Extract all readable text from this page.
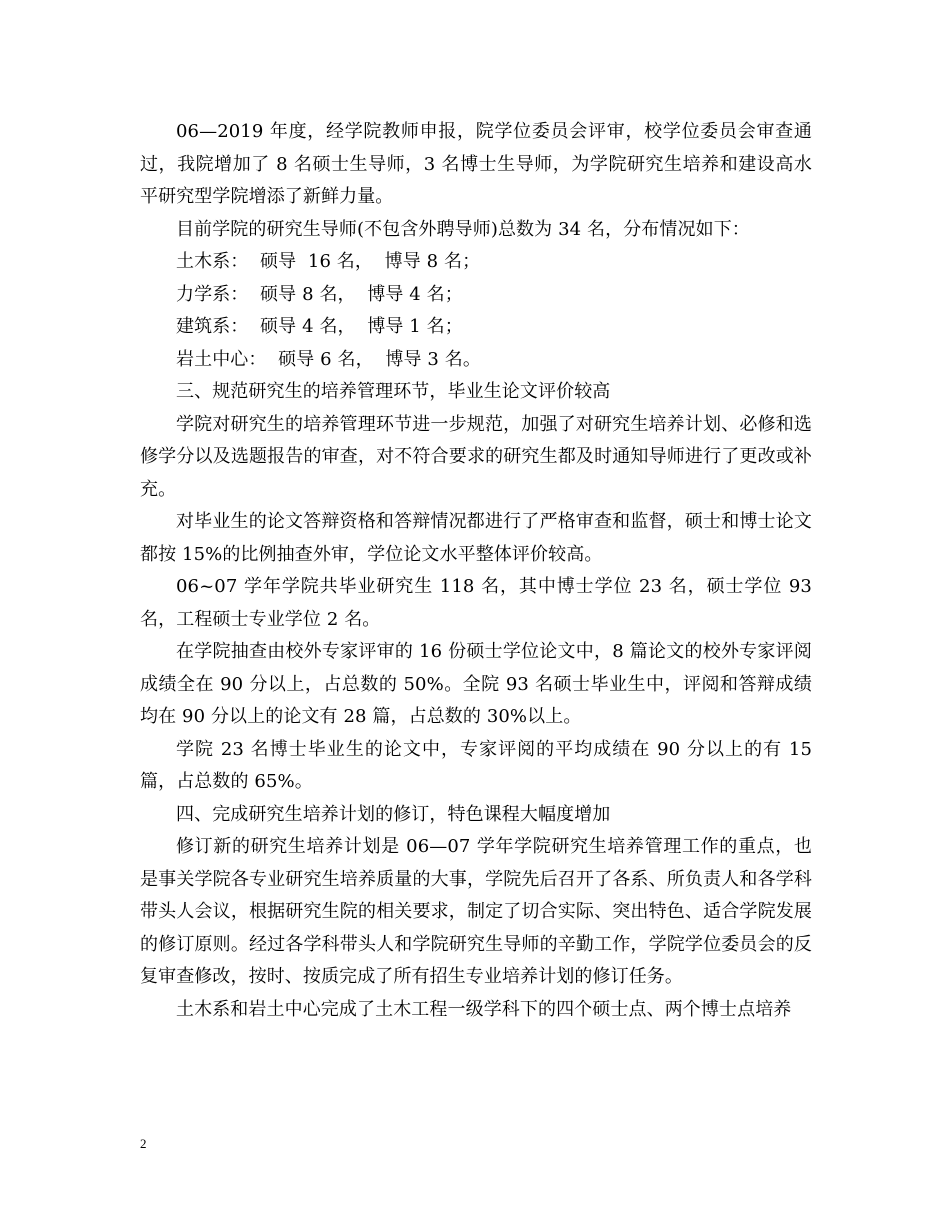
06—2019 年度，经学院教师申报，院学位委员会评审，校学位委员会审查通过，我院增加了 8 名硕士生导师，3 名博士生导师，为学院研究生培养和建设高水平研究型学院增添了新鲜力量。

目前学院的研究生导师(不包含外聘导师)总数为 34 名，分布情况如下：

土木系：  硕导  16 名，  博导 8 名；

力学系：  硕导 8 名，  博导 4 名；

建筑系：  硕导 4 名，  博导 1 名；

岩土中心：  硕导 6 名，  博导 3 名。

三、规范研究生的培养管理环节，毕业生论文评价较高

学院对研究生的培养管理环节进一步规范，加强了对研究生培养计划、必修和选修学分以及选题报告的审查，对不符合要求的研究生都及时通知导师进行了更改或补充。

对毕业生的论文答辩资格和答辩情况都进行了严格审查和监督，硕士和博士论文都按 15%的比例抽查外审，学位论文水平整体评价较高。

06~07 学年学院共毕业研究生 118 名，其中博士学位 23 名，硕士学位 93 名，工程硕士专业学位 2 名。

在学院抽查由校外专家评审的 16 份硕士学位论文中，8 篇论文的校外专家评阅成绩全在 90 分以上，占总数的 50%。全院 93 名硕士毕业生中，评阅和答辩成绩均在 90 分以上的论文有 28 篇，占总数的 30%以上。

学院 23 名博士毕业生的论文中，专家评阅的平均成绩在 90 分以上的有 15 篇，占总数的 65%。

四、完成研究生培养计划的修订，特色课程大幅度增加

修订新的研究生培养计划是 06—07 学年学院研究生培养管理工作的重点，也是事关学院各专业研究生培养质量的大事，学院先后召开了各系、所负责人和各学科带头人会议，根据研究生院的相关要求，制定了切合实际、突出特色、适合学院发展的修订原则。经过各学科带头人和学院研究生导师的辛勤工作，学院学位委员会的反复审查修改，按时、按质完成了所有招生专业培养计划的修订任务。

土木系和岩土中心完成了土木工程一级学科下的四个硕士点、两个博士点培养

2
